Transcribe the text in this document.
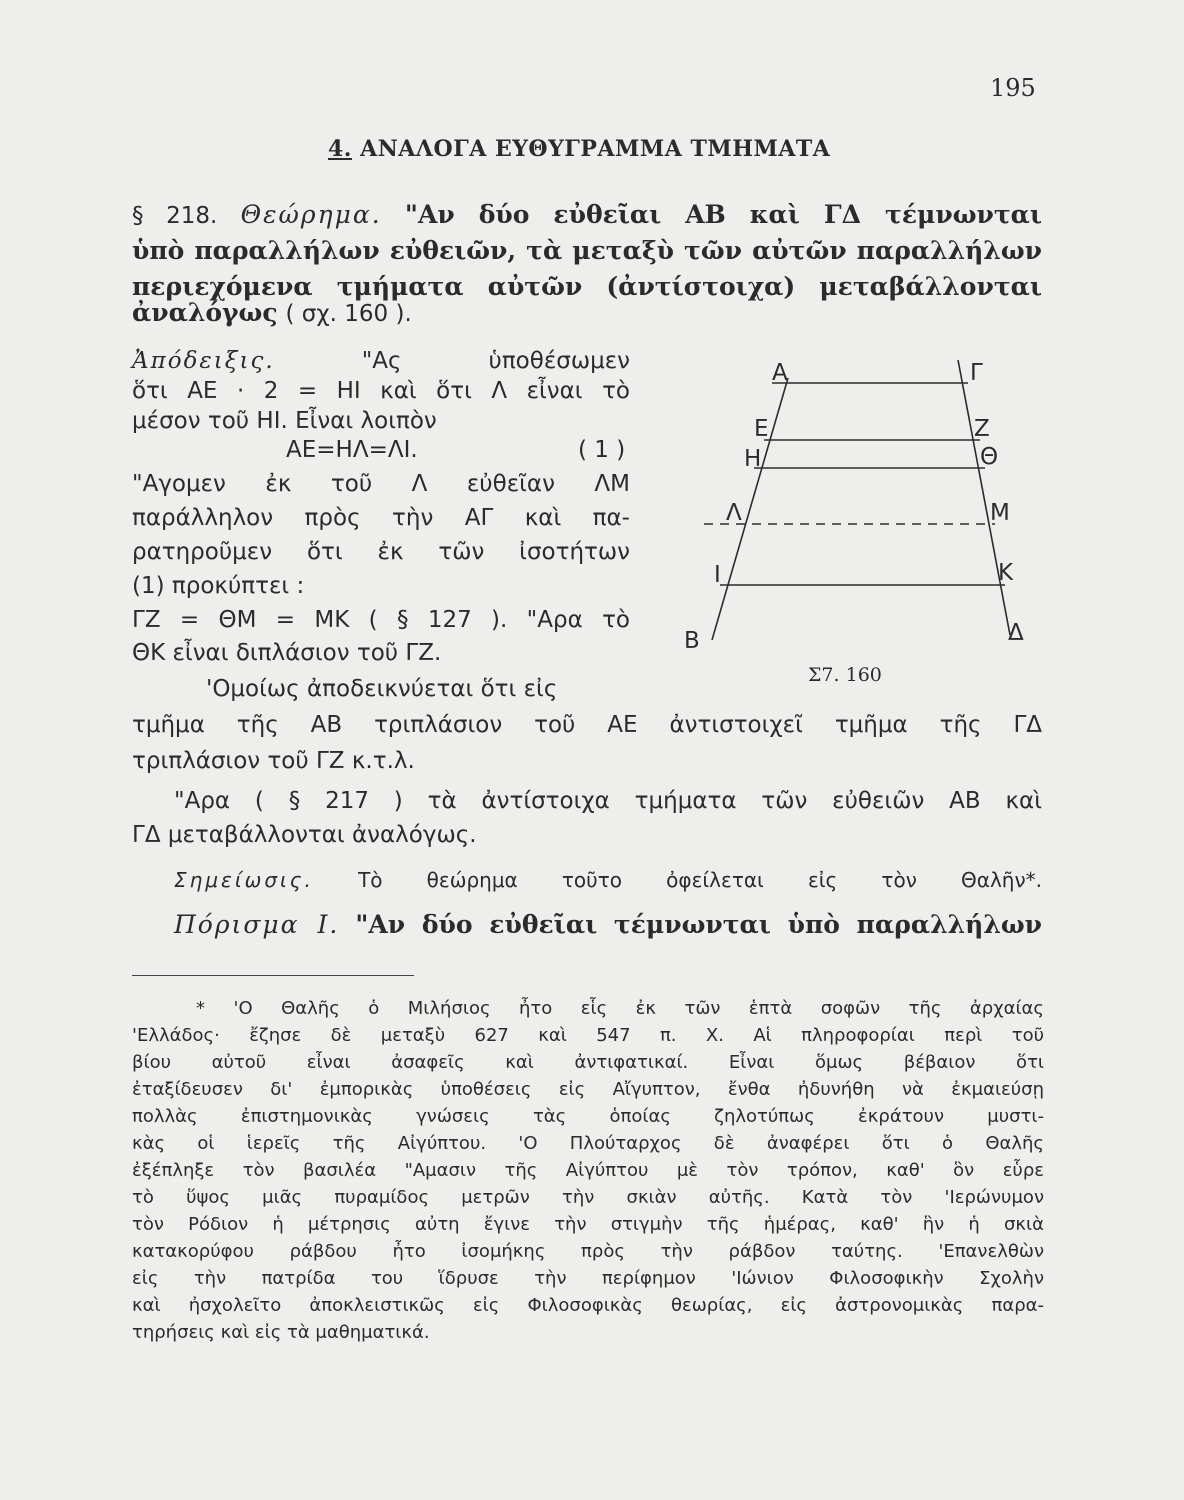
195
4. ΑΝΑΛΟΓΑ ΕΥΘΥΓΡΑΜΜΑ ΤΜΗΜΑΤΑ
§ 218. Θεώρημα. "Αν δύο εὐθεῖαι ΑΒ καὶ ΓΔ τέμνωνται
ὑπὸ παραλλήλων εὐθειῶν, τὰ μεταξὺ τῶν αὐτῶν παραλλήλων
περιεχόμενα τμήματα αὐτῶν (ἀντίστοιχα) μεταβάλλονται
ἀναλόγως ( σχ. 160 ).
Ἀπόδειξις.	"Ας ὑποθέσωμεν
ὅτι ΑΕ · 2 = ΗΙ καὶ ὅτι Λ εἶναι τὸ
μέσον τοῦ ΗΙ. Εἶναι λοιπὸν
ΑΕ=ΗΛ=ΛΙ.	( 1 )
"Αγομεν ἐκ τοῦ Λ εὐθεῖαν ΛΜ
παράλληλον πρὸς τὴν ΑΓ καὶ πα-
ρατηροῦμεν ὅτι ἐκ τῶν ἰσοτήτων
(1) προκύπτει :
ΓΖ = ΘΜ = ΜΚ ( § 127 ). "Αρα τὸ
ΘΚ εἶναι διπλάσιον τοῦ ΓΖ.
'Ομοίως ἀποδεικνύεται ὅτι εἰς
Α
Ε
Η
Λ
Ι
Β
Γ
Ζ
Θ
Μ
Κ
Δ
Σ7. 160
τμῆμα τῆς ΑΒ τριπλάσιον τοῦ ΑΕ ἀντιστοιχεῖ τμῆμα τῆς ΓΔ
τριπλάσιον τοῦ ΓΖ κ.τ.λ.
"Αρα ( § 217 ) τὰ ἀντίστοιχα τμήματα τῶν εὐθειῶν ΑΒ καὶ
ΓΔ μεταβάλλονται ἀναλόγως.
Σημείωσις. Τὸ θεώρημα τοῦτο ὀφείλεται εἰς τὸν Θαλῆν*.
Πόρισμα Ι. "Αν δύο εὐθεῖαι τέμνωνται ὑπὸ παραλλήλων
* 'Ο Θαλῆς ὁ Μιλήσιος ἦτο εἷς ἐκ τῶν ἑπτὰ σοφῶν τῆς ἀρχαίας
'Ελλάδος· ἔζησε δὲ μεταξὺ 627 καὶ 547 π. Χ. Αἱ πληροφορίαι περὶ τοῦ
βίου αὐτοῦ εἶναι ἀσαφεῖς καὶ ἀντιφατικαί. Εἶναι ὅμως βέβαιον ὅτι
ἐταξίδευσεν δι' ἐμπορικὰς ὑποθέσεις εἰς Αἴγυπτον, ἔνθα ἠδυνήθη νὰ ἐκμαιεύσῃ
πολλὰς ἐπιστημονικὰς γνώσεις τὰς ὁποίας ζηλοτύπως ἐκράτουν μυστι-
κὰς οἱ ἱερεῖς τῆς Αἰγύπτου. 'Ο Πλούταρχος δὲ ἀναφέρει ὅτι ὁ Θαλῆς
ἐξέπληξε τὸν βασιλέα "Αμασιν τῆς Αἰγύπτου μὲ τὸν τρόπον, καθ' ὃν εὗρε
τὸ ὕψος μιᾶς πυραμίδος μετρῶν τὴν σκιὰν αὐτῆς. Κατὰ τὸν 'Ιερώνυμον
τὸν Ρόδιον ἡ μέτρησις αὐτη ἔγινε τὴν στιγμὴν τῆς ἡμέρας, καθ' ἣν ἡ σκιὰ
κατακορύφου ράβδου ἦτο ἰσομήκης πρὸς τὴν ράβδον ταύτης. 'Επανελθὼν
εἰς τὴν πατρίδα του ἵδρυσε τὴν περίφημον 'Ιώνιον Φιλοσοφικὴν Σχολὴν
καὶ ἠσχολεῖτο ἀποκλειστικῶς εἰς Φιλοσοφικὰς θεωρίας, εἰς ἀστρονομικὰς παρα-
τηρήσεις καὶ εἰς τὰ μαθηματικά.
